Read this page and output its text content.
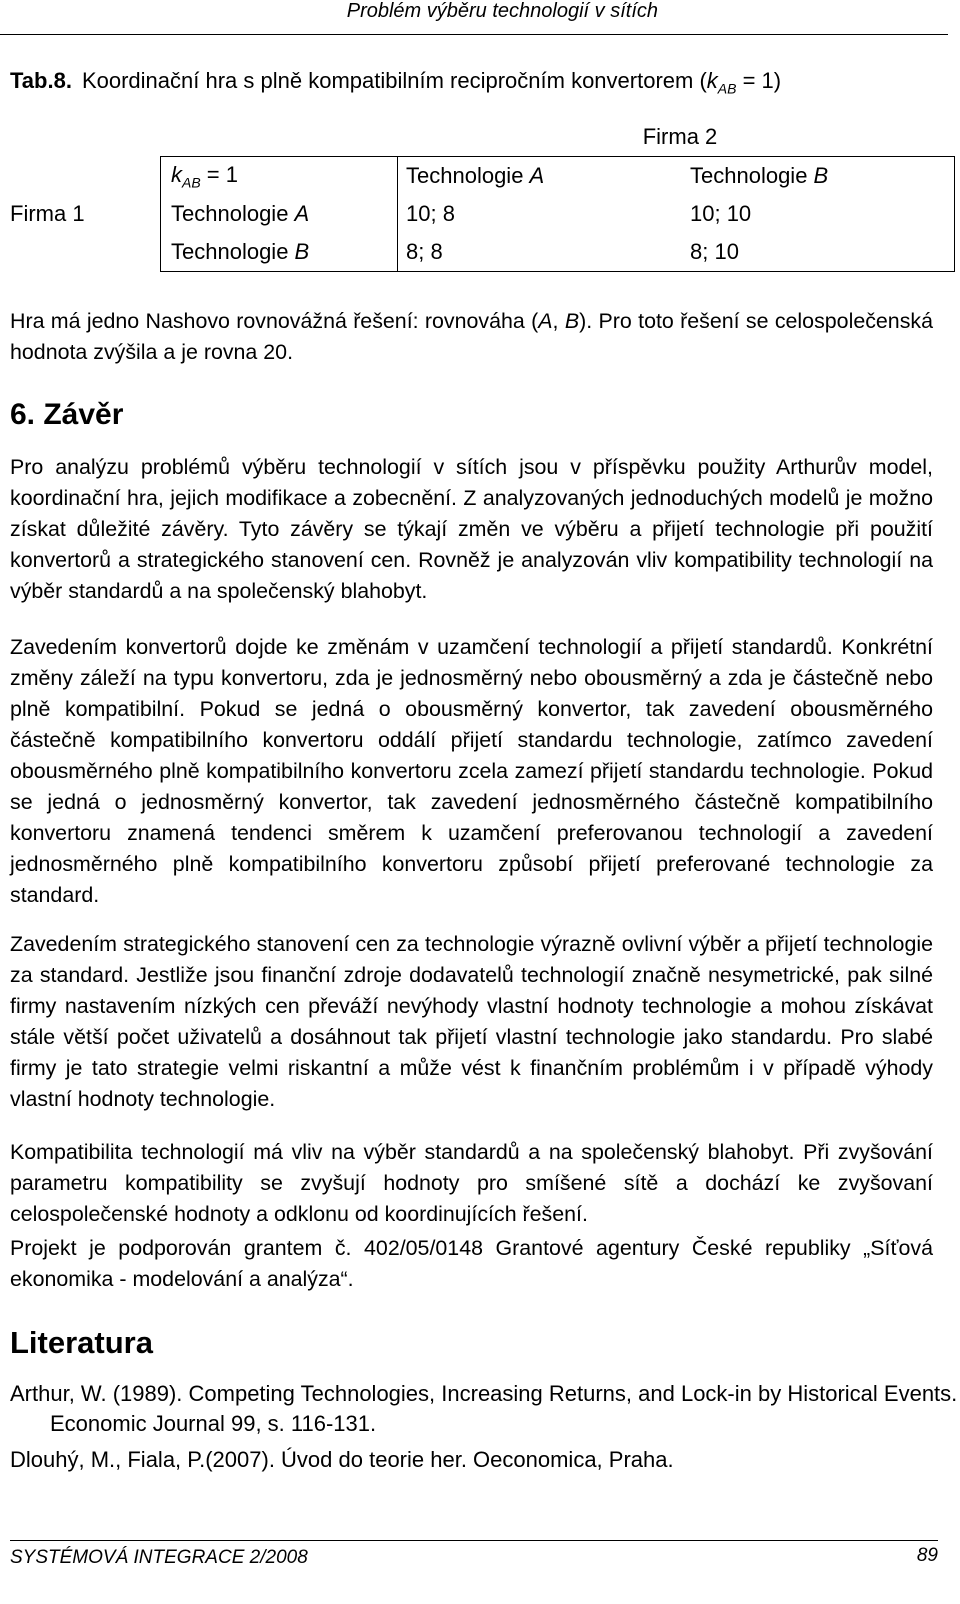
Problém výběru technologií v sítích
Tab.8. Koordinační hra s plně kompatibilním recipročním konvertorem $(k_{AB} = 1)$
		Firma 2	
	$k_{AB} = 1$	Technologie A	Technologie B
Firma 1	Technologie A	10; 8	10; 10
	Technologie B	8; 8	8; 10
Hra má jedno Nashovo rovnovážná řešení: rovnováha (A, B). Pro toto řešení se celospolečenská hodnota zvýšila a je rovna 20.
6. Závěr
Pro analýzu problémů výběru technologií v sítích jsou v příspěvku použity Arthurův model, koordinační hra, jejich modifikace a zobecnění. Z analyzovaných jednoduchých modelů je možno získat důležité závěry. Tyto závěry se týkají změn ve výběru a přijetí technologie při použití konvertorů a strategického stanovení cen. Rovněž je analyzován vliv kompatibility technologií na výběr standardů a na společenský blahobyt.
Zavedením konvertorů dojde ke změnám v uzamčení technologií a přijetí standardů. Konkrétní změny záleží na typu konvertoru, zda je jednosměrný nebo obousměrný a zda je částečně nebo plně kompatibilní. Pokud se jedná o obousměrný konvertor, tak zavedení obousměrného částečně kompatibilního konvertoru oddálí přijetí standardu technologie, zatímco zavedení obousměrného plně kompatibilního konvertoru zcela zamezí přijetí standardu technologie. Pokud se jedná o jednosměrný konvertor, tak zavedení jednosměrného částečně kompatibilního konvertoru znamená tendenci směrem k uzamčení preferovanou technologií a zavedení jednosměrného plně kompatibilního konvertoru způsobí přijetí preferované technologie za standard.
Zavedením strategického stanovení cen za technologie výrazně ovlivní výběr a přijetí technologie za standard. Jestliže jsou finanční zdroje dodavatelů technologií značně nesymetrické, pak silné firmy nastavením nízkých cen převáží nevýhody vlastní hodnoty technologie a mohou získávat stále větší počet uživatelů a dosáhnout tak přijetí vlastní technologie jako standardu. Pro slabé firmy je tato strategie velmi riskantní a může vést k finančním problémům i v případě výhody vlastní hodnoty technologie.
Kompatibilita technologií má vliv na výběr standardů a na společenský blahobyt. Při zvyšování parametru kompatibility se zvyšují hodnoty pro smíšené sítě a dochází ke zvyšovaní celospolečenské hodnoty a odklonu od koordinujících řešení.
Projekt je podporován grantem č. 402/05/0148 Grantové agentury České republiky „Síťová ekonomika - modelování a analýza“.
Literatura
Arthur, W. (1989). Competing Technologies, Increasing Returns, and Lock-in by Historical Events. Economic Journal 99, s. 116-131.
Dlouhý, M., Fiala, P.(2007). Úvod do teorie her. Oeconomica, Praha.
SYSTÉMOVÁ INTEGRACE 2/2008	89
